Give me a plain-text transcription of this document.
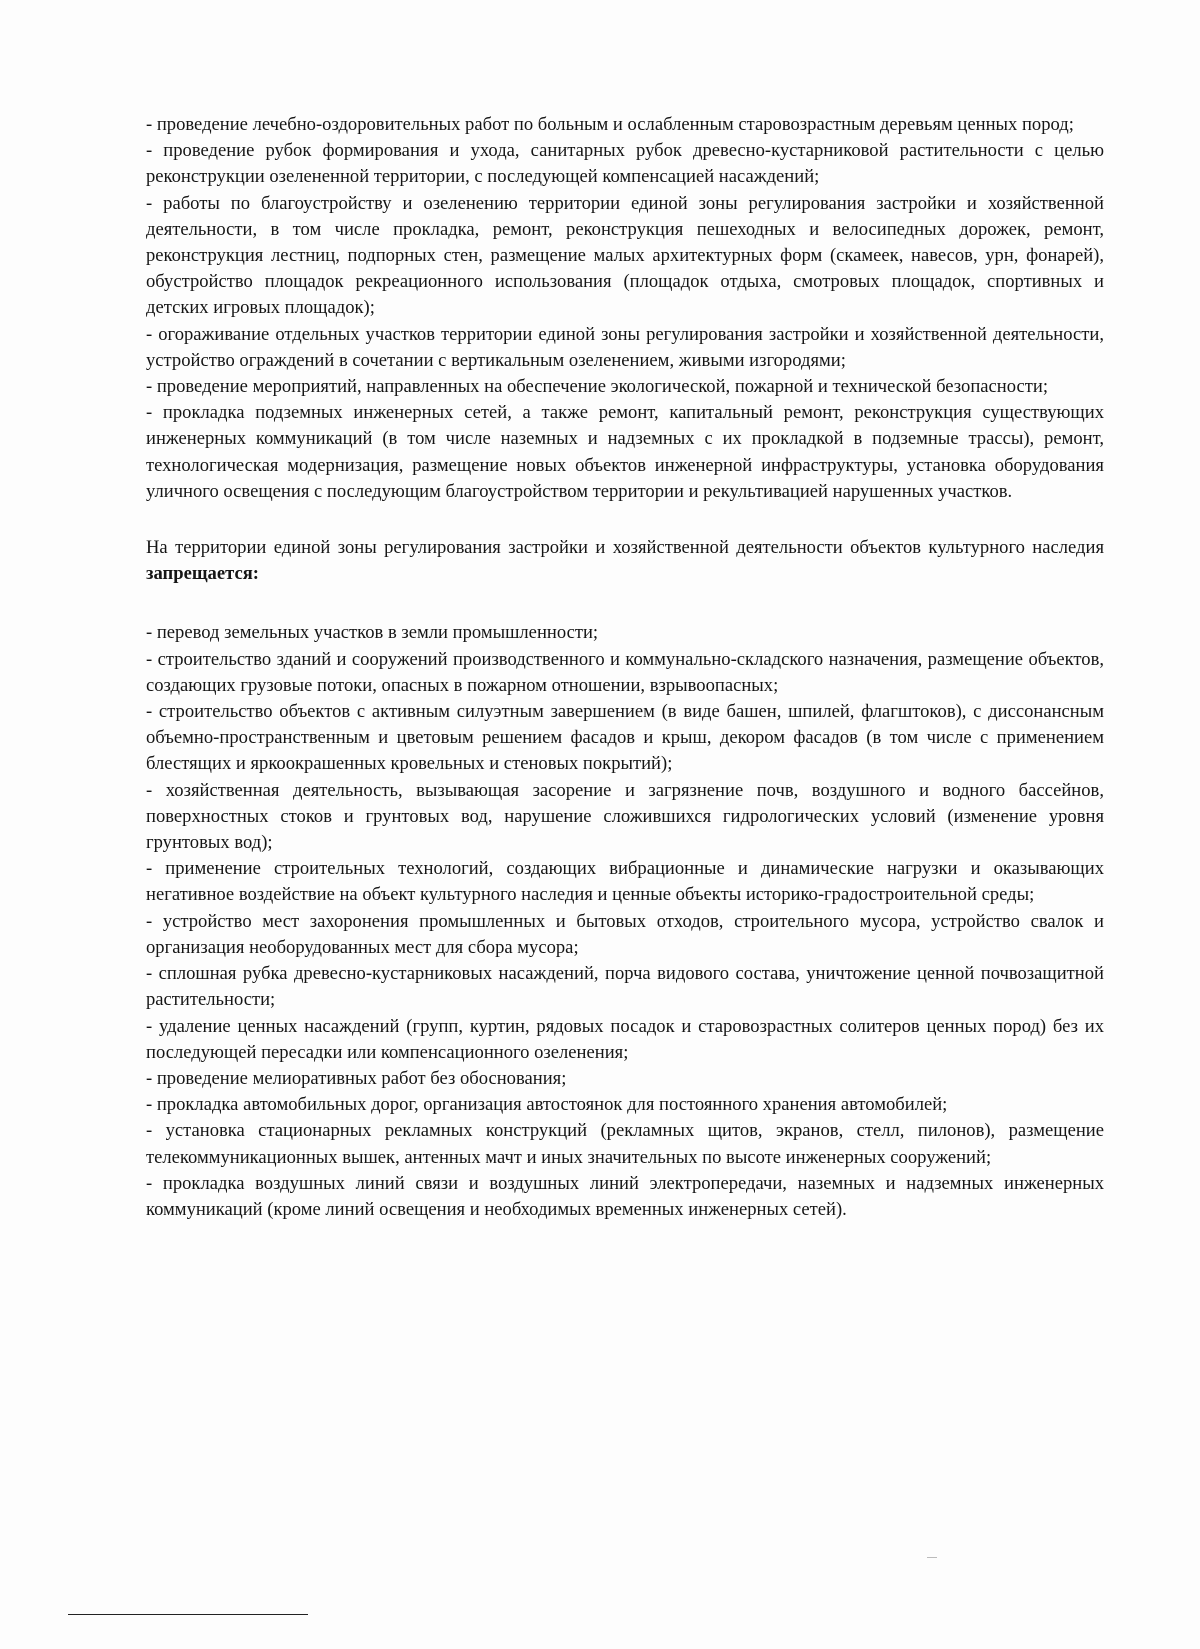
- проведение лечебно-оздоровительных работ по больным и ослабленным старовозрастным деревьям ценных пород;

- проведение рубок формирования и ухода, санитарных рубок древесно-кустарниковой растительности с целью реконструкции озелененной территории, с последующей компенсацией насаждений;

- работы по благоустройству и озеленению территории единой зоны регулирования застройки и хозяйственной деятельности, в том числе прокладка, ремонт, реконструкция пешеходных и велосипедных дорожек, ремонт, реконструкция лестниц, подпорных стен, размещение малых архитектурных форм (скамеек, навесов, урн, фонарей), обустройство площадок рекреационного использования (площадок отдыха, смотровых площадок, спортивных и детских игровых площадок);

- огораживание отдельных участков территории единой зоны регулирования застройки и хозяйственной деятельности, устройство ограждений в сочетании с вертикальным озеленением, живыми изгородями;

- проведение мероприятий, направленных на обеспечение экологической, пожарной и технической безопасности;

- прокладка подземных инженерных сетей, а также ремонт, капитальный ремонт, реконструкция существующих инженерных коммуникаций (в том числе наземных и надземных с их прокладкой в подземные трассы), ремонт, технологическая модернизация, размещение новых объектов инженерной инфраструктуры, установка оборудования уличного освещения с последующим благоустройством территории и рекультивацией нарушенных участков.

На территории единой зоны регулирования застройки и хозяйственной деятельности объектов культурного наследия запрещается:

- перевод земельных участков в земли промышленности;

- строительство зданий и сооружений производственного и коммунально-складского назначения, размещение объектов, создающих грузовые потоки, опасных в пожарном отношении, взрывоопасных;

- строительство объектов с активным силуэтным завершением (в виде башен, шпилей, флагштоков), с диссонансным объемно-пространственным и цветовым решением фасадов и крыш, декором фасадов (в том числе с применением блестящих и яркоокрашенных кровельных и стеновых покрытий);

- хозяйственная деятельность, вызывающая засорение и загрязнение почв, воздушного и водного бассейнов, поверхностных стоков и грунтовых вод, нарушение сложившихся гидрологических условий (изменение уровня грунтовых вод);

- применение строительных технологий, создающих вибрационные и динамические нагрузки и оказывающих негативное воздействие на объект культурного наследия и ценные объекты историко-градостроительной среды;

- устройство мест захоронения промышленных и бытовых отходов, строительного мусора, устройство свалок и организация необорудованных мест для сбора мусора;

- сплошная рубка древесно-кустарниковых насаждений, порча видового состава, уничтожение ценной почвозащитной растительности;

- удаление ценных насаждений (групп, куртин, рядовых посадок и старовозрастных солитеров ценных пород) без их последующей пересадки или компенсационного озеленения;

- проведение мелиоративных работ без обоснования;

- прокладка автомобильных дорог, организация автостоянок для постоянного хранения автомобилей;

- установка стационарных рекламных конструкций (рекламных щитов, экранов, стелл, пилонов), размещение телекоммуникационных вышек, антенных мачт и иных значительных по высоте инженерных сооружений;

- прокладка воздушных линий связи и воздушных линий электропередачи, наземных и надземных инженерных коммуникаций (кроме линий освещения и необходимых временных инженерных сетей).
